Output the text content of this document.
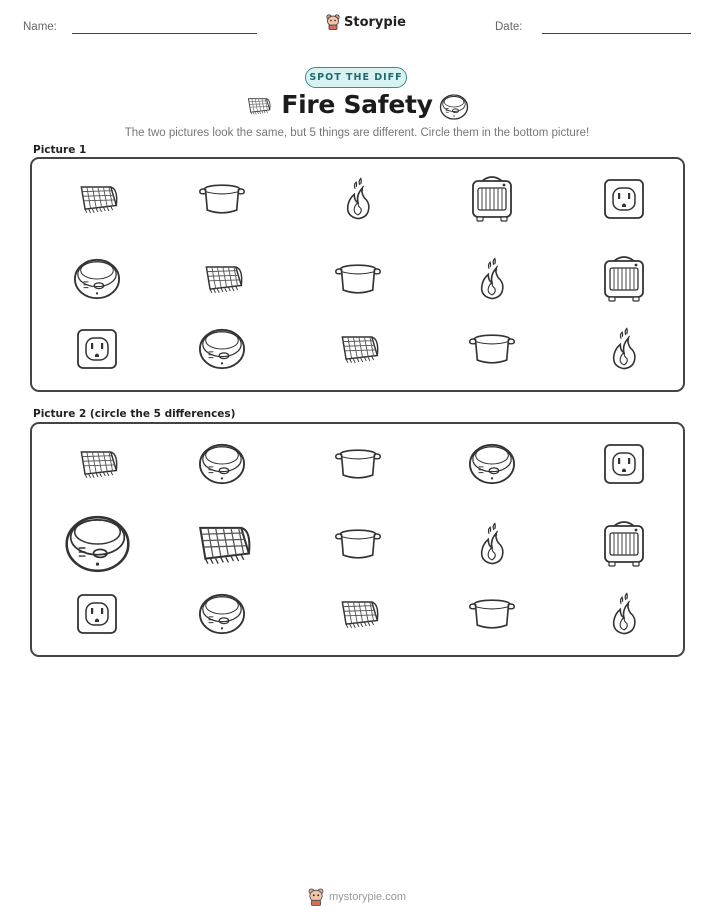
Name:	Storypie	Date:
SPOT THE DIFF
Fire Safety
The two pictures look the same, but 5 things are different. Circle them in the bottom picture!
Picture 1
Picture 2 (circle the 5 differences)
mystorypie.com
